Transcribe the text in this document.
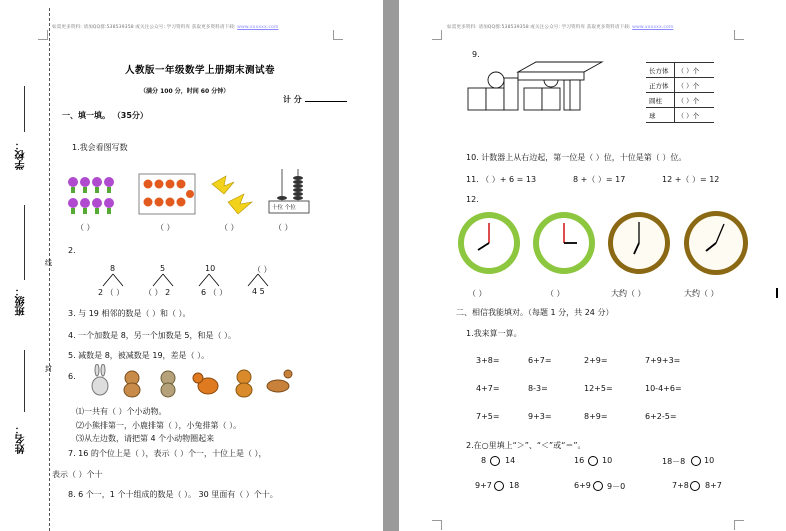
如需更多资料: 请加QQ群:538539358 或关注公众号: 学习资料库 获取更多资料请下载: www.xxxxxx.com
学校：
班级：
姓名：
线
封
人教版一年级数学上册期末测试卷
（满分 100 分，时间 60 分钟）
计 分
一、填一填。 （35分）
1.我会看图写数
十位 个位
（ ）	（ ）	（ ）	（ ）
2.
8	5	10	（ ）
2 （ ） （ ） 2	6 （ ）	4 5
3. 与 19 相邻的数是（ ）和（ ）。
4. 一个加数是 8，另一个加数是 5，和是（ ）。
5. 减数是 8，被减数是 19，差是（ ）。
6.
⑴一共有（ ）个小动物。
⑵小熊排第一，小鹿排第（ ），小兔排第（ ）。
⑶从左边数，请把第 4 个小动物圈起来
7. 16 的个位上是（ ），表示（ ）个一，十位上是（ ），
表示（ ）个十
8. 6 个一，1 个十组成的数是（ ）。 30 里面有（ ）个十。
如需更多资料: 请加QQ群:538539358 或关注公众号: 学习资料库 获取更多资料请下载: www.xxxxxx.com
9.
长方体	（ ）个
正方体	（ ）个
圆柱	（ ）个
球	（ ）个
10. 计数器上从右边起，第一位是（ ）位，十位是第（ ）位。
11. （ ）+ 6 = 13	8 +（ ）= 17	12 +（ ）= 12
12.
（ ）	（ ）	大约（ ）	大约（ ）
二、相信我能填对。（每题 1 分，共 24 分）
1.我来算一算。
3+8=	6+7=	2+9=	7+9+3=
4+7=	8-3=	12+5=	10-4+6=
7+5=	9+3=	8+9=	6+2-5=
2.在○里填上“＞”、“＜”或“＝”。
8 14	16 10	18－8 10
9+7 18	6+9 9－0	7+8 8+7
